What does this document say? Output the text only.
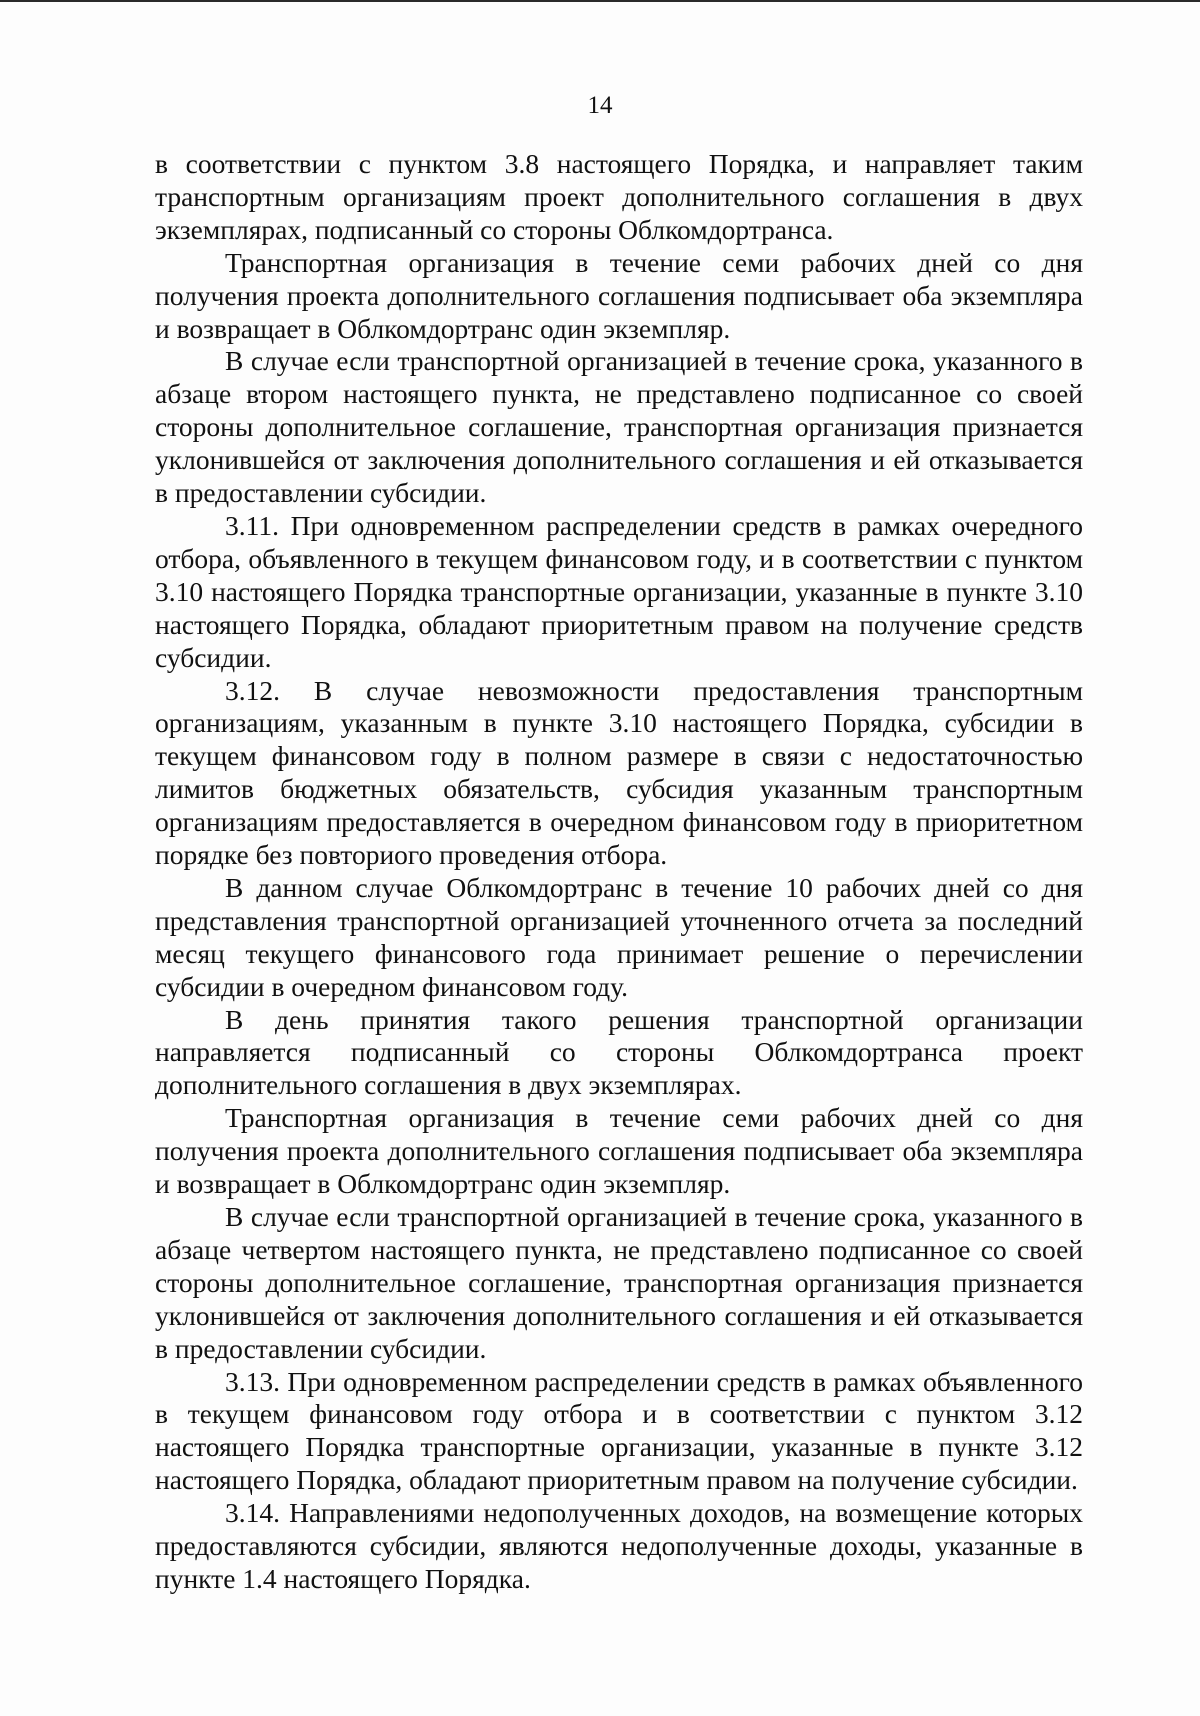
14

в соответствии с пунктом 3.8 настоящего Порядка, и направляет таким транспортным организациям проект дополнительного соглашения в двух экземплярах, подписанный со стороны Облкомдортранса.

Транспортная организация в течение семи рабочих дней со дня получения проекта дополнительного соглашения подписывает оба экземпляра и возвращает в Облкомдортранс один экземпляр.

В случае если транспортной организацией в течение срока, указанного в абзаце втором настоящего пункта, не представлено подписанное со своей стороны дополнительное соглашение, транспортная организация признается уклонившейся от заключения дополнительного соглашения и ей отказывается в предоставлении субсидии.

3.11. При одновременном распределении средств в рамках очередного отбора, объявленного в текущем финансовом году, и в соответствии с пунктом 3.10 настоящего Порядка транспортные организации, указанные в пункте 3.10 настоящего Порядка, обладают приоритетным правом на получение средств субсидии.

3.12. В случае невозможности предоставления транспортным организациям, указанным в пункте 3.10 настоящего Порядка, субсидии в текущем финансовом году в полном размере в связи с недостаточностью лимитов бюджетных обязательств, субсидия указанным транспортным организациям предоставляется в очередном финансовом году в приоритетном порядке без повтоpиого проведения отбора.

В данном случае Облкомдортранс в течение 10 рабочих дней со дня представления транспортной организацией уточненного отчета за последний месяц текущего финансового года принимает решение о перечислении субсидии в очередном финансовом году.

В день принятия такого решения транспортной организации направляется подписанный со стороны Облкомдортранса проект дополнительного соглашения в двух экземплярах.

Транспортная организация в течение семи рабочих дней со дня получения проекта дополнительного соглашения подписывает оба экземпляра и возвращает в Облкомдортранс один экземпляр.

В случае если транспортной организацией в течение срока, указанного в абзаце четвертом настоящего пункта, не представлено подписанное со своей стороны дополнительное соглашение, транспортная организация признается уклонившейся от заключения дополнительного соглашения и ей отказывается в предоставлении субсидии.

3.13. При одновременном распределении средств в рамках объявленного в текущем финансовом году отбора и в соответствии с пунктом 3.12 настоящего Порядка транспортные организации, указанные в пункте 3.12 настоящего Порядка, обладают приоритетным правом на получение субсидии.

3.14. Направлениями недополученных доходов, на возмещение которых предоставляются субсидии, являются недополученные доходы, указанные в пункте 1.4 настоящего Порядка.
